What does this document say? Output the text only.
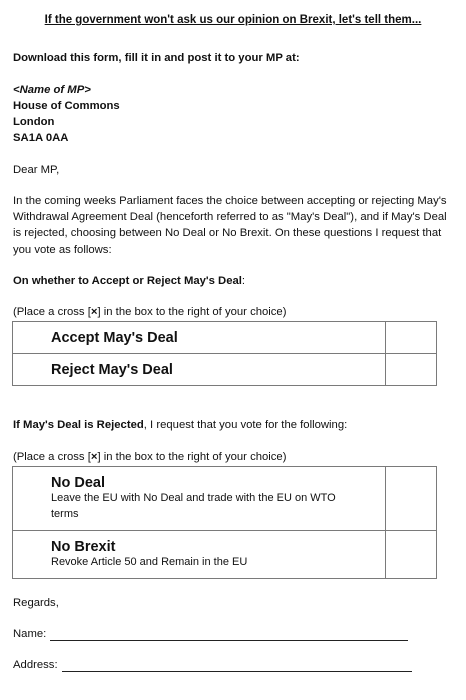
If the government won't ask us our opinion on Brexit, let's tell them...
Download this form, fill it in and post it to your MP at:
<Name of MP>
House of Commons
London
SA1A 0AA
Dear MP,
In the coming weeks Parliament faces the choice between accepting or rejecting May's Withdrawal Agreement Deal (henceforth referred to as "May's Deal"), and if May's Deal is rejected, choosing between No Deal or No Brexit. On these questions I request that you vote as follows:
On whether to Accept or Reject May's Deal:
(Place a cross [×] in the box to the right of your choice)
Accept May's Deal	
Reject May's Deal	
If May's Deal is Rejected, I request that you vote for the following:
(Place a cross [×] in the box to the right of your choice)
No Deal
Leave the EU with No Deal and trade with the EU on WTO terms	

No Brexit
Revoke Article 50 and Remain in the EU	

Regards,
Name:
Address:
